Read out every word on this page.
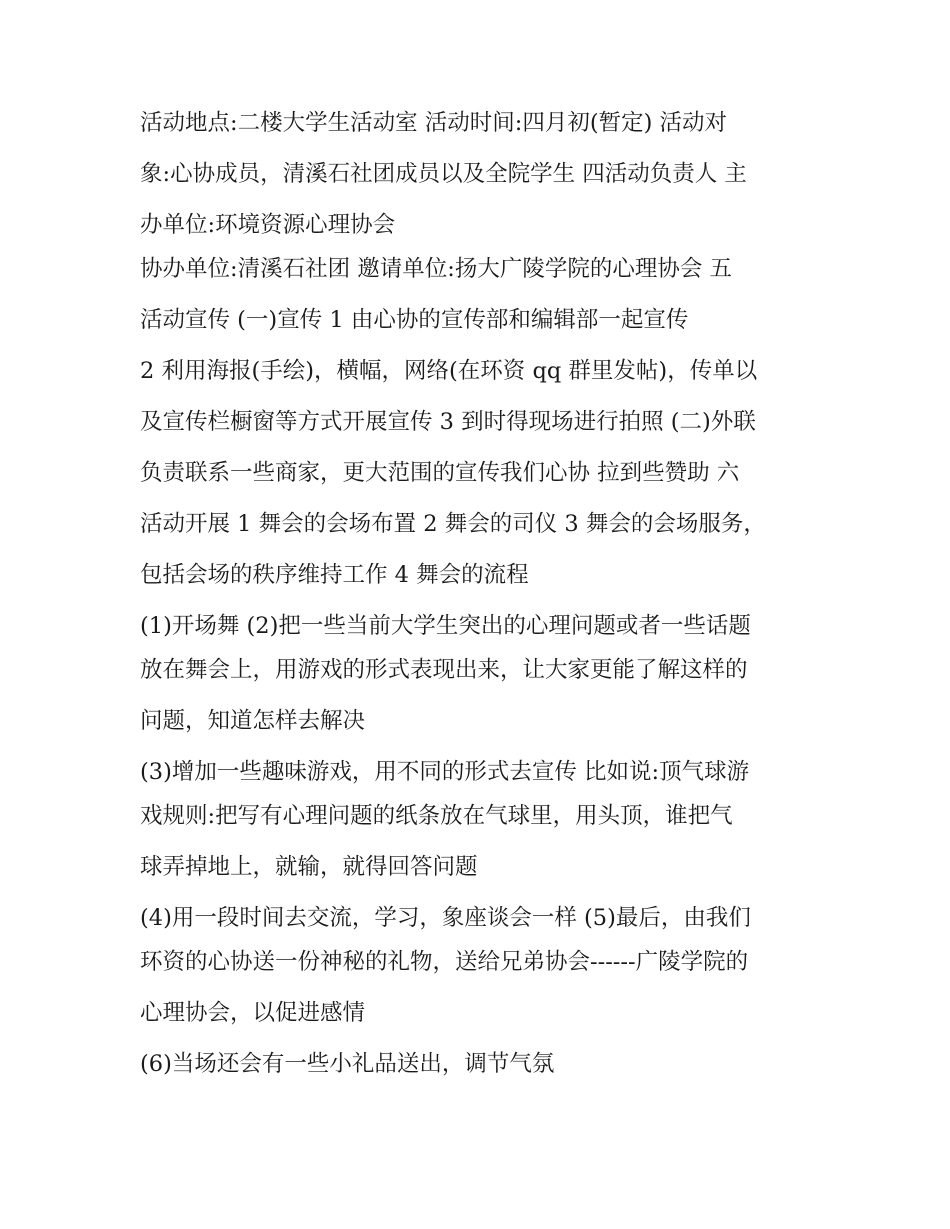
活动地点:二楼大学生活动室 活动时间:四月初(暂定) 活动对
象:心协成员，清溪石社团成员以及全院学生 四活动负责人 主
办单位:环境资源心理协会
协办单位:清溪石社团 邀请单位:扬大广陵学院的心理协会 五
活动宣传 (一)宣传 1 由心协的宣传部和编辑部一起宣传
2 利用海报(手绘)，横幅，网络(在环资 qq 群里发帖)，传单以
及宣传栏橱窗等方式开展宣传 3 到时得现场进行拍照 (二)外联
负责联系一些商家，更大范围的宣传我们心协 拉到些赞助 六
活动开展 1 舞会的会场布置 2 舞会的司仪 3 舞会的会场服务，
包括会场的秩序维持工作 4 舞会的流程
(1)开场舞 (2)把一些当前大学生突出的心理问题或者一些话题
放在舞会上，用游戏的形式表现出来，让大家更能了解这样的
问题，知道怎样去解决
(3)增加一些趣味游戏，用不同的形式去宣传 比如说:顶气球游
戏规则:把写有心理问题的纸条放在气球里，用头顶，谁把气
球弄掉地上，就输，就得回答问题
(4)用一段时间去交流，学习，象座谈会一样 (5)最后，由我们
环资的心协送一份神秘的礼物，送给兄弟协会------广陵学院的
心理协会，以促进感情
(6)当场还会有一些小礼品送出，调节气氛
